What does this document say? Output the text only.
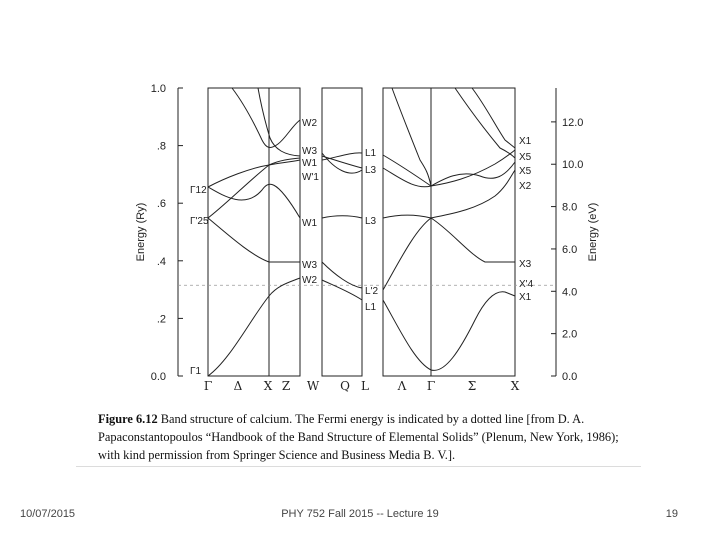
0.0
.2
.4
.6
.8
1.0
0.0
2.0
4.0
6.0
8.0
10.0
12.0
Energy (Ry)	Energy (eV)
Γ12
Γ'25
Γ1
W2
W3
W1
W'1
W1
W3
W2
L1
L3
L3
L'2
L1
X1
X5
X5
X2
X3
X'4
X1
Γ Δ X Z W Q L Λ Γ	Σ	X
Figure 6.12 Band structure of calcium. The Fermi energy is indicated by a dotted line [from D. A. Papaconstantopoulos “Handbook of the Band Structure of Elemental Solids” (Plenum, New York, 1986); with kind permission from Springer Science and Business Media B. V.].
10/07/2015	PHY 752 Fall 2015 -- Lecture 19	19
